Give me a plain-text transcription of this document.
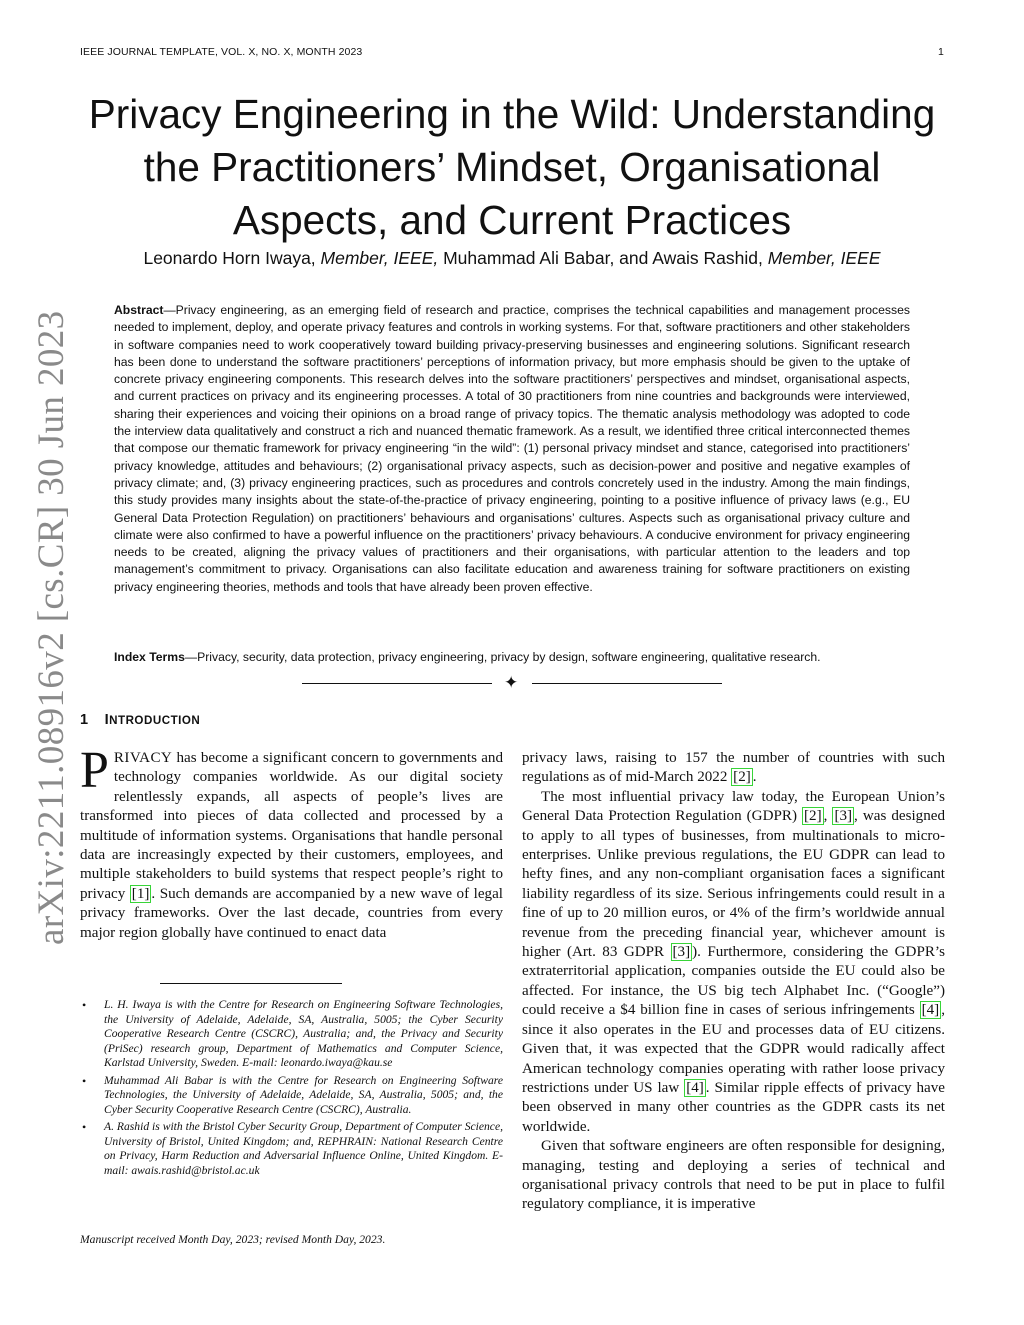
IEEE JOURNAL TEMPLATE, VOL. X, NO. X, MONTH 2023	1
arXiv:2211.08916v2 [cs.CR] 30 Jun 2023
Privacy Engineering in the Wild: Understanding the Practitioners’ Mindset, Organisational Aspects, and Current Practices
Leonardo Horn Iwaya, Member, IEEE, Muhammad Ali Babar, and Awais Rashid, Member, IEEE
Abstract—Privacy engineering, as an emerging field of research and practice, comprises the technical capabilities and management processes needed to implement, deploy, and operate privacy features and controls in working systems. For that, software practitioners and other stakeholders in software companies need to work cooperatively toward building privacy-preserving businesses and engineering solutions. Significant research has been done to understand the software practitioners’ perceptions of information privacy, but more emphasis should be given to the uptake of concrete privacy engineering components. This research delves into the software practitioners’ perspectives and mindset, organisational aspects, and current practices on privacy and its engineering processes. A total of 30 practitioners from nine countries and backgrounds were interviewed, sharing their experiences and voicing their opinions on a broad range of privacy topics. The thematic analysis methodology was adopted to code the interview data qualitatively and construct a rich and nuanced thematic framework. As a result, we identified three critical interconnected themes that compose our thematic framework for privacy engineering “in the wild”: (1) personal privacy mindset and stance, categorised into practitioners’ privacy knowledge, attitudes and behaviours; (2) organisational privacy aspects, such as decision-power and positive and negative examples of privacy climate; and, (3) privacy engineering practices, such as procedures and controls concretely used in the industry. Among the main findings, this study provides many insights about the state-of-the-practice of privacy engineering, pointing to a positive influence of privacy laws (e.g., EU General Data Protection Regulation) on practitioners’ behaviours and organisations’ cultures. Aspects such as organisational privacy culture and climate were also confirmed to have a powerful influence on the practitioners’ privacy behaviours. A conducive environment for privacy engineering needs to be created, aligning the privacy values of practitioners and their organisations, with particular attention to the leaders and top management’s commitment to privacy. Organisations can also facilitate education and awareness training for software practitioners on existing privacy engineering theories, methods and tools that have already been proven effective.
Index Terms—Privacy, security, data protection, privacy engineering, privacy by design, software engineering, qualitative research.
✦
1 INTRODUCTION

PRIVACY has become a significant concern to governments and technology companies worldwide. As our digital society relentlessly expands, all aspects of people’s lives are transformed into pieces of data collected and processed by a multitude of information systems. Organisations that handle personal data are increasingly expected by their customers, employees, and multiple stakeholders to build systems that respect people’s right to privacy [1] . Such demands are accompanied by a new wave of legal privacy frameworks. Over the last decade, countries from every major region globally have continued to enact data

• L. H. Iwaya is with the Centre for Research on Engineering Software Technologies, the University of Adelaide, Adelaide, SA, Australia, 5005; the Cyber Security Cooperative Research Centre (CSCRC), Australia; and, the Privacy and Security (PriSec) research group, Department of Mathematics and Computer Science, Karlstad University, Sweden. E-mail: leonardo.iwaya@kau.se
• Muhammad Ali Babar is with the Centre for Research on Engineering Software Technologies, the University of Adelaide, Adelaide, SA, Australia, 5005; and, the Cyber Security Cooperative Research Centre (CSCRC), Australia.
• A. Rashid is with the Bristol Cyber Security Group, Department of Computer Science, University of Bristol, United Kingdom; and, REPHRAIN: National Research Centre on Privacy, Harm Reduction and Adversarial Influence Online, United Kingdom. E-mail: awais.rashid@bristol.ac.uk
Manuscript received Month Day, 2023; revised Month Day, 2023.

privacy laws, raising to 157 the number of countries with such regulations as of mid-March 2022 [2] .

The most influential privacy law today, the European Union’s General Data Protection Regulation (GDPR) [2] , [3] , was designed to apply to all types of businesses, from multinationals to micro-enterprises. Unlike previous regulations, the EU GDPR can lead to hefty fines, and any non-compliant organisation faces a significant liability regardless of its size. Serious infringements could result in a fine of up to 20 million euros, or 4% of the firm’s worldwide annual revenue from the preceding financial year, whichever amount is higher (Art. 83 GDPR [3] ). Furthermore, considering the GDPR’s extraterritorial application, companies outside the EU could also be affected. For instance, the US big tech Alphabet Inc. (“Google”) could receive a $4 billion fine in cases of serious infringements [4] , since it also operates in the EU and processes data of EU citizens. Given that, it was expected that the GDPR would radically affect American technology companies operating with rather loose privacy restrictions under US law [4] . Similar ripple effects of privacy have been observed in many other countries as the GDPR casts its net worldwide.

Given that software engineers are often responsible for designing, managing, testing and deploying a series of technical and organisational privacy controls that need to be put in place to fulfil regulatory compliance, it is imperative
